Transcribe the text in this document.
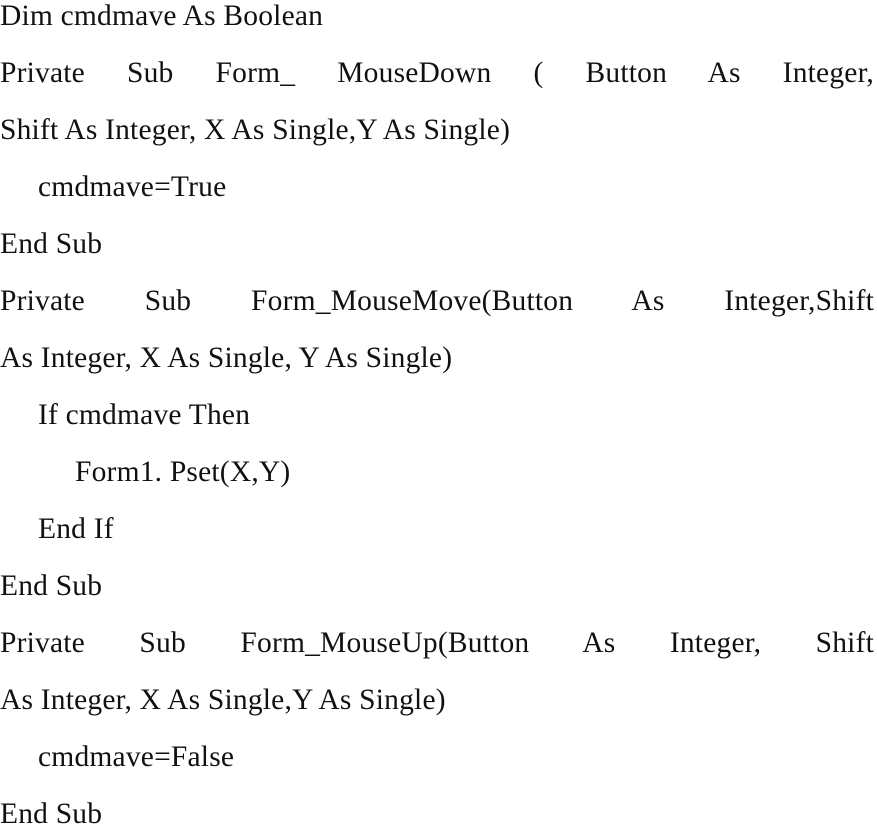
Dim cmdmave As Boolean
Private Sub Form_ MouseDown ( Button As Integer,
Shift As Integer, X As Single,Y As Single)
cmdmave=True
End Sub
Private Sub Form_MouseMove(Button As Integer,Shift
As Integer, X As Single, Y As Single)
If cmdmave Then
Form1. Pset(X,Y)
End If
End Sub
Private Sub Form_MouseUp(Button As Integer, Shift
As Integer, X As Single,Y As Single)
cmdmave=False
End Sub
